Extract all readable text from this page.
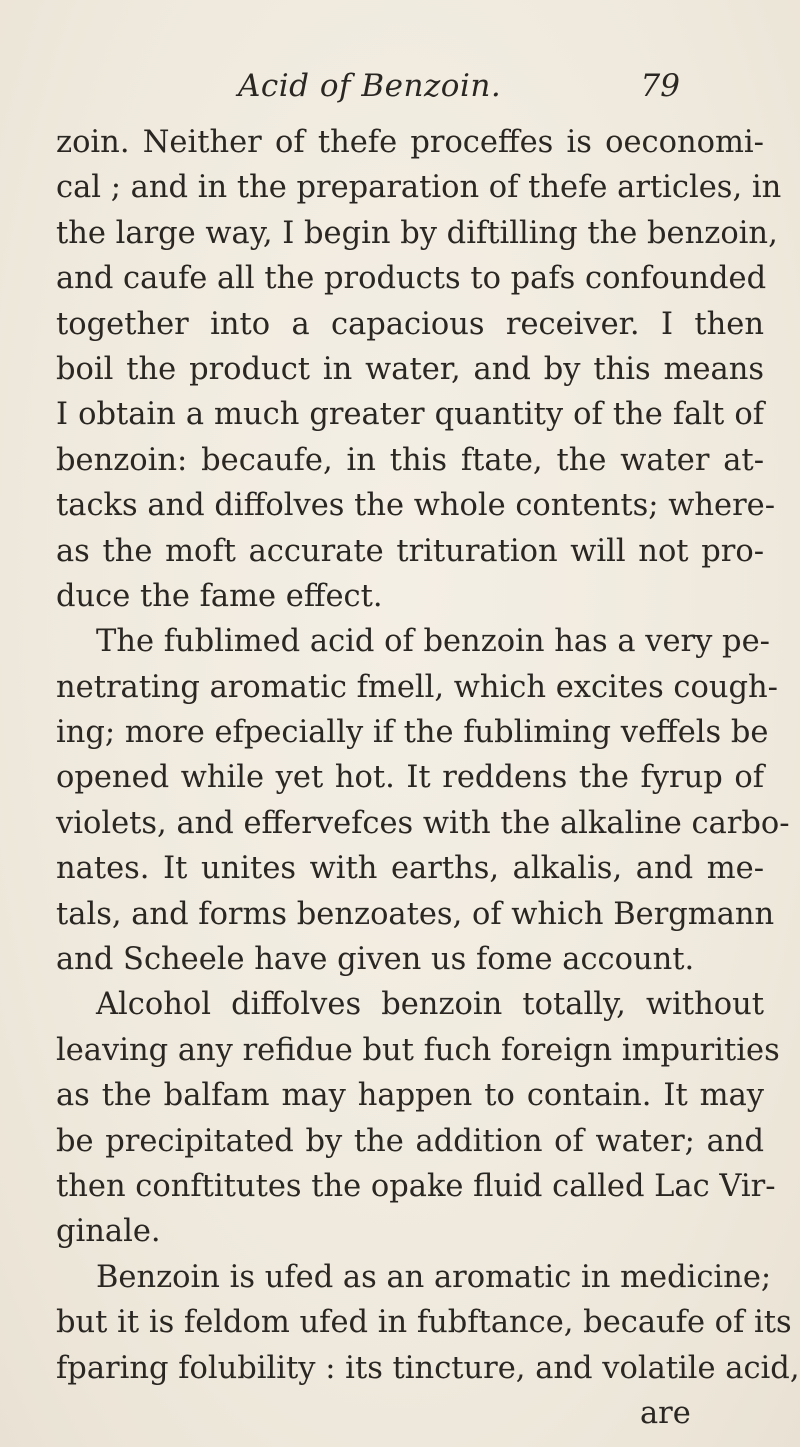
Acid of Benzoin.	79
zoin. Neither of thefe proceffes is oeconomi-
cal ; and in the preparation of thefe articles, in
the large way, I begin by diftilling the benzoin,
and caufe all the products to pafs confounded
together into a capacious receiver. I then
boil the product in water, and by this means
I obtain a much greater quantity of the falt of
benzoin: becaufe, in this ftate, the water at-
tacks and diffolves the whole contents; where-
as the moft accurate trituration will not pro-
duce the fame effect.
The fublimed acid of benzoin has a very pe-
netrating aromatic fmell, which excites cough-
ing; more efpecially if the fubliming veffels be
opened while yet hot. It reddens the fyrup of
violets, and effervefces with the alkaline carbo-
nates. It unites with earths, alkalis, and me-
tals, and forms benzoates, of which Bergmann
and Scheele have given us fome account.
Alcohol diffolves benzoin totally, without
leaving any refidue but fuch foreign impurities
as the balfam may happen to contain. It may
be precipitated by the addition of water; and
then conftitutes the opake fluid called Lac Vir-
ginale.
Benzoin is ufed as an aromatic in medicine;
but it is feldom ufed in fubftance, becaufe of its
fparing folubility : its tincture, and volatile acid,
are
